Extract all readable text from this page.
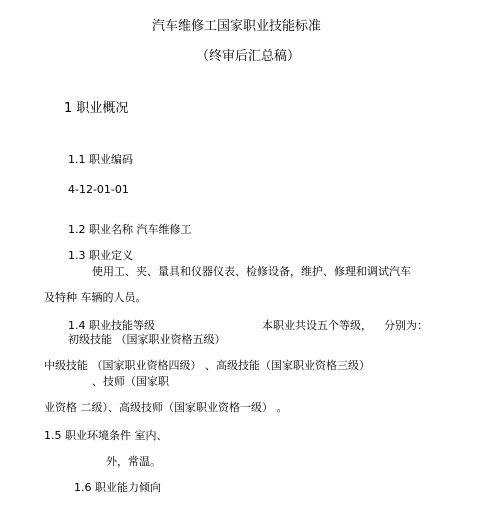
汽车维修工国家职业技能标准
（终审后汇总稿）
1 职业概况
1.1 职业编码
4-12-01-01
1.2 职业名称 汽车维修工
1.3 职业定义
使用工、夹、量具和仪器仪表、检修设备，维护、修理和调试汽车
及特种 车辆的人员。
1.4 职业技能等级	本职业共设五个等级， 分别为：
初级技能 （国家职业资格五级）
中级技能 （国家职业资格四级） 、高级技能（国家职业资格三级）
、技师（国家职
业资格 二级）、高级技师（国家职业资格一级） 。
1.5 职业环境条件 室内、
外，常温。
1.6 职业能力倾向
